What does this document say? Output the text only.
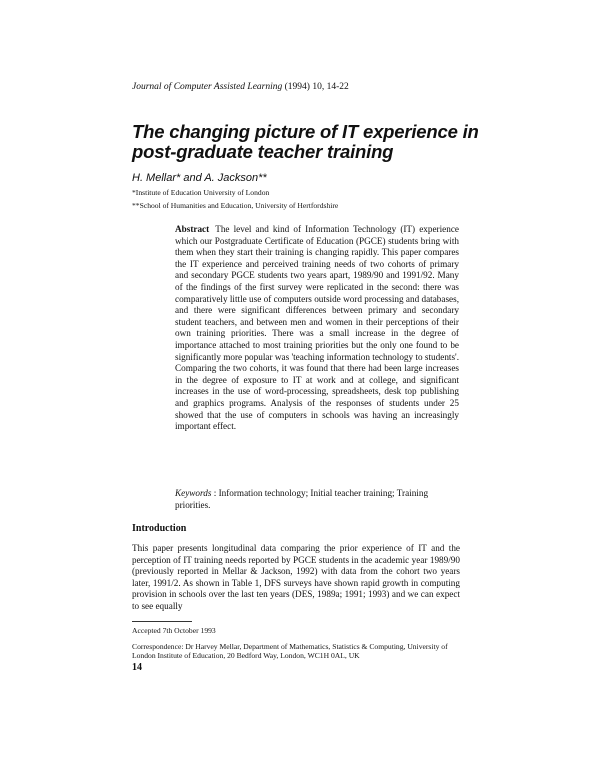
Journal of Computer Assisted Learning (1994) 10, 14-22
The changing picture of IT experience in post-graduate teacher training
H. Mellar* and A. Jackson**
*Institute of Education University of London
**School of Humanities and Education, University of Hertfordshire
Abstract The level and kind of Information Technology (IT) experience which our Postgraduate Certificate of Education (PGCE) students bring with them when they start their training is changing rapidly. This paper compares the IT experience and perceived training needs of two cohorts of primary and secondary PGCE students two years apart, 1989/90 and 1991/92. Many of the findings of the first survey were replicated in the second: there was comparatively little use of computers outside word processing and databases, and there were significant differences between primary and secondary student teachers, and between men and women in their perceptions of their own training priorities. There was a small increase in the degree of importance attached to most training priorities but the only one found to be significantly more popular was 'teaching information technology to students'. Comparing the two cohorts, it was found that there had been large increases in the degree of exposure to IT at work and at college, and significant increases in the use of word-processing, spreadsheets, desk top publishing and graphics programs. Analysis of the responses of students under 25 showed that the use of computers in schools was having an increasingly important effect.
Keywords : Information technology; Initial teacher training; Training priorities.
Introduction
This paper presents longitudinal data comparing the prior experience of IT and the perception of IT training needs reported by PGCE students in the academic year 1989/90 (previously reported in Mellar & Jackson, 1992) with data from the cohort two years later, 1991/2. As shown in Table 1, DFS surveys have shown rapid growth in computing provision in schools over the last ten years (DES, 1989a; 1991; 1993) and we can expect to see equally
Accepted 7th October 1993
Correspondence: Dr Harvey Mellar, Department of Mathematics, Statistics & Computing, University of London Institute of Education, 20 Bedford Way, London, WC1H 0AL, UK
14
